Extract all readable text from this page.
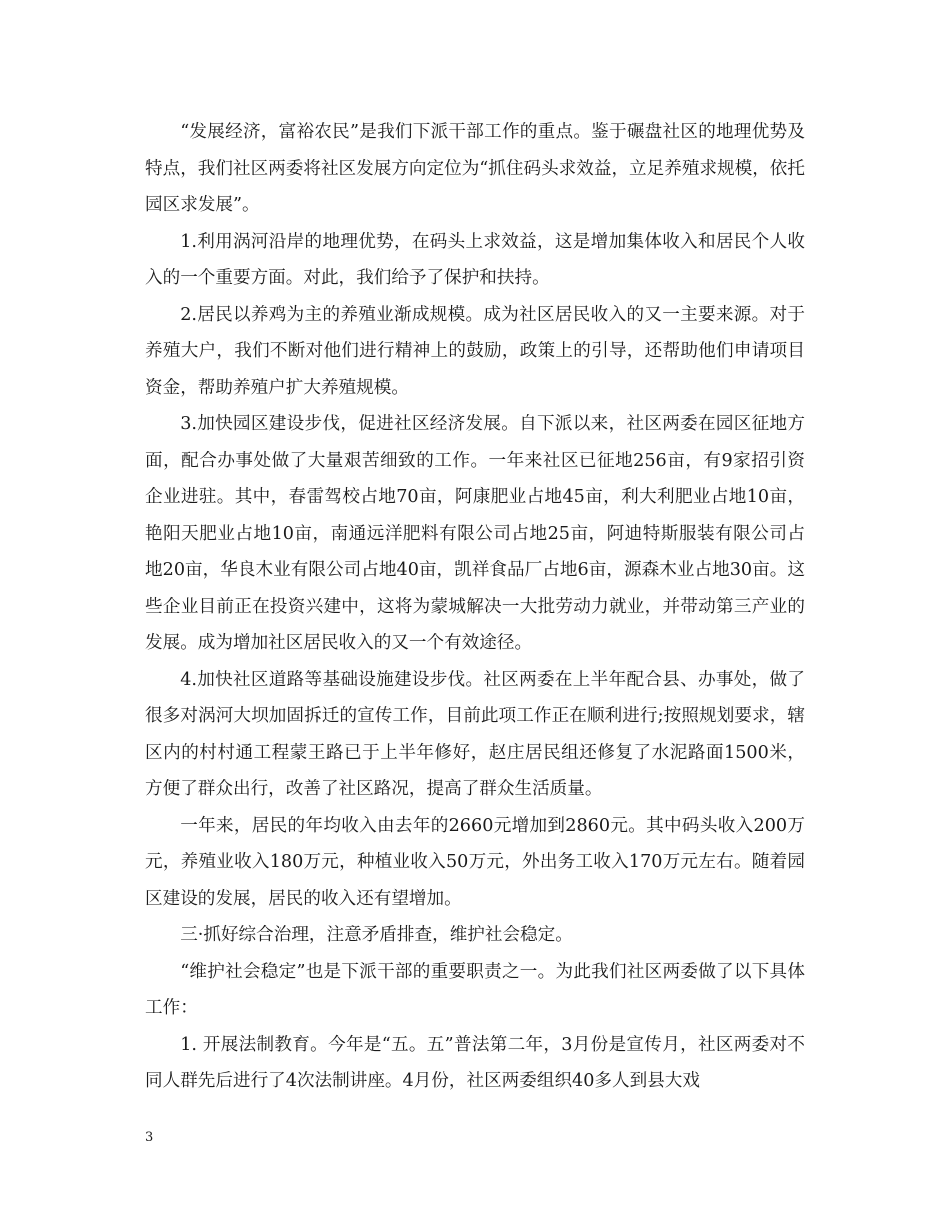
“发展经济，富裕农民”是我们下派干部工作的重点。鉴于碾盘社区的地理优势及特点，我们社区两委将社区发展方向定位为“抓住码头求效益，立足养殖求规模，依托园区求发展”。

1.利用涡河沿岸的地理优势，在码头上求效益，这是增加集体收入和居民个人收入的一个重要方面。对此，我们给予了保护和扶持。

2.居民以养鸡为主的养殖业渐成规模。成为社区居民收入的又一主要来源。对于养殖大户，我们不断对他们进行精神上的鼓励，政策上的引导，还帮助他们申请项目资金，帮助养殖户扩大养殖规模。

3.加快园区建设步伐，促进社区经济发展。自下派以来，社区两委在园区征地方面，配合办事处做了大量艰苦细致的工作。一年来社区已征地256亩，有9家招引资企业进驻。其中，春雷驾校占地70亩，阿康肥业占地45亩，利大利肥业占地10亩，艳阳天肥业占地10亩，南通远洋肥料有限公司占地25亩，阿迪特斯服装有限公司占地20亩，华良木业有限公司占地40亩，凯祥食品厂占地6亩，源森木业占地30亩。这些企业目前正在投资兴建中，这将为蒙城解决一大批劳动力就业，并带动第三产业的发展。成为增加社区居民收入的又一个有效途径。

4.加快社区道路等基础设施建设步伐。社区两委在上半年配合县、办事处，做了很多对涡河大坝加固拆迁的宣传工作，目前此项工作正在顺利进行;按照规划要求，辖区内的村村通工程蒙王路已于上半年修好，赵庄居民组还修复了水泥路面1500米，方便了群众出行，改善了社区路况，提高了群众生活质量。

一年来，居民的年均收入由去年的2660元增加到2860元。其中码头收入200万元，养殖业收入180万元，种植业收入50万元，外出务工收入170万元左右。随着园区建设的发展，居民的收入还有望增加。

三·抓好综合治理，注意矛盾排查，维护社会稳定。

“维护社会稳定”也是下派干部的重要职责之一。为此我们社区两委做了以下具体工作：

1. 开展法制教育。今年是“五。五”普法第二年，3月份是宣传月，社区两委对不同人群先后进行了4次法制讲座。4月份，社区两委组织40多人到县大戏

3
